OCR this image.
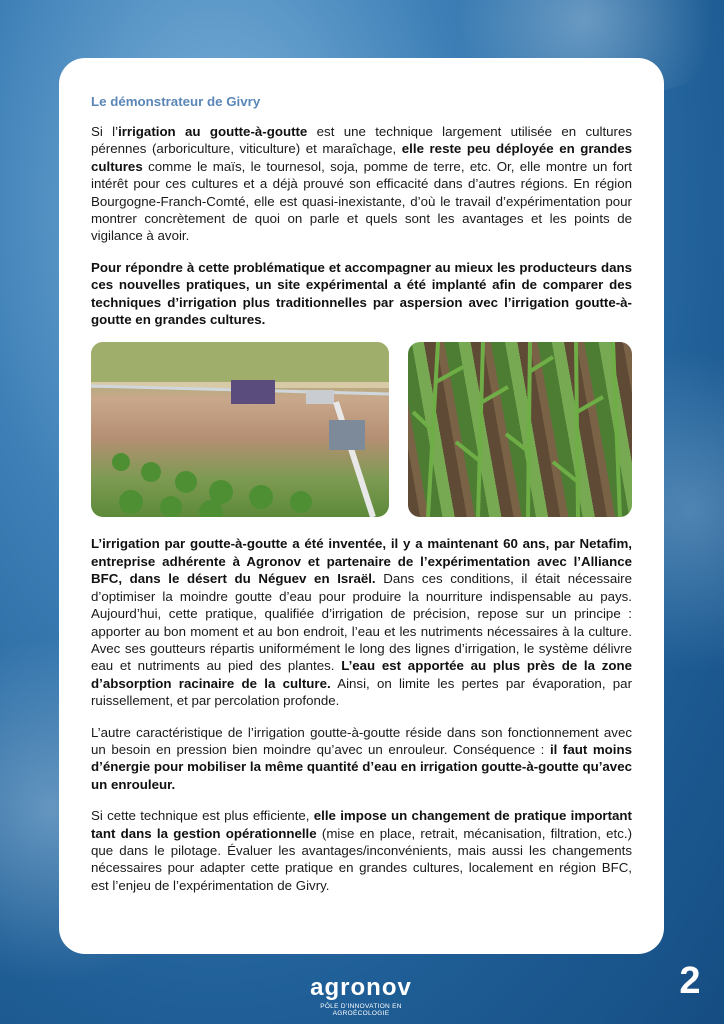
Le démonstrateur de Givry

Si l’irrigation au goutte-à-goutte est une technique largement utilisée en cultures pérennes (arboriculture, viticulture) et maraîchage, elle reste peu déployée en grandes cultures comme le maïs, le tournesol, soja, pomme de terre, etc. Or, elle montre un fort intérêt pour ces cultures et a déjà prouvé son efficacité dans d’autres régions. En région Bourgogne-Franch-Comté, elle est quasi-inexistante, d’où le travail d’expérimentation pour montrer concrètement de quoi on parle et quels sont les avantages et les points de vigilance à avoir.

Pour répondre à cette problématique et accompagner au mieux les producteurs dans ces nouvelles pratiques, un site expérimental a été implanté afin de comparer des techniques d’irrigation plus traditionnelles par aspersion avec l’irrigation goutte-à-goutte en grandes cultures.

L’irrigation par goutte-à-goutte a été inventée, il y a maintenant 60 ans, par Netafim, entreprise adhérente à Agronov et partenaire de l’expérimentation avec l’Alliance BFC, dans le désert du Néguev en Israël. Dans ces conditions, il était nécessaire d’optimiser la moindre goutte d’eau pour produire la nourriture indispensable au pays. Aujourd’hui, cette pratique, qualifiée d’irrigation de précision, repose sur un principe : apporter au bon moment et au bon endroit, l’eau et les nutriments nécessaires à la culture. Avec ses goutteurs répartis uniformément le long des lignes d’irrigation, le système délivre eau et nutriments au pied des plantes. L’eau est apportée au plus près de la zone d’absorption racinaire de la culture. Ainsi, on limite les pertes par évaporation, par ruissellement, et par percolation profonde.

L’autre caractéristique de l’irrigation goutte-à-goutte réside dans son fonctionnement avec un besoin en pression bien moindre qu’avec un enrouleur. Conséquence : il faut moins d’énergie pour mobiliser la même quantité d’eau en irrigation goutte-à-goutte qu’avec un enrouleur.

Si cette technique est plus efficiente, elle impose un changement de pratique important tant dans la gestion opérationnelle (mise en place, retrait, mécanisation, filtration, etc.) que dans le pilotage. Évaluer les avantages/inconvénients, mais aussi les changements nécessaires pour adapter cette pratique en grandes cultures, localement en région BFC, est l’enjeu de l’expérimentation de Givry.

agronov
PÔLE D’INNOVATION EN AGROÉCOLOGIE
2
